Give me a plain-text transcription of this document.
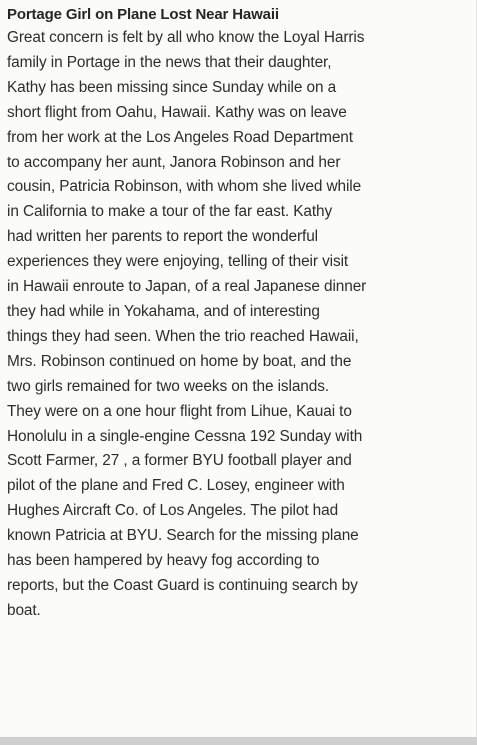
Portage Girl on Plane Lost Near Hawaii

Great concern is felt by all who know the Loyal Harris

family in Portage in the news that their daughter,

Kathy has been missing since Sunday while on a

short flight from Oahu, Hawaii. Kathy was on leave

from her work at the Los Angeles Road Department

to accompany her aunt, Janora Robinson and her

cousin, Patricia Robinson, with whom she lived while

in California to make a tour of the far east. Kathy

had written her parents to report the wonderful

experiences they were enjoying, telling of their visit

in Hawaii enroute to Japan, of a real Japanese dinner

they had while in Yokahama, and of interesting

things they had seen. When the trio reached Hawaii,

Mrs. Robinson continued on home by boat, and the

two girls remained for two weeks on the islands.

They were on a one hour flight from Lihue, Kauai to

Honolulu in a single-engine Cessna 192 Sunday with

Scott Farmer, 27 , a former BYU football player and

pilot of the plane and Fred C. Losey, engineer with

Hughes Aircraft Co. of Los Angeles. The pilot had

known Patricia at BYU. Search for the missing plane

has been hampered by heavy fog according to

reports, but the Coast Guard is continuing search by

boat.
